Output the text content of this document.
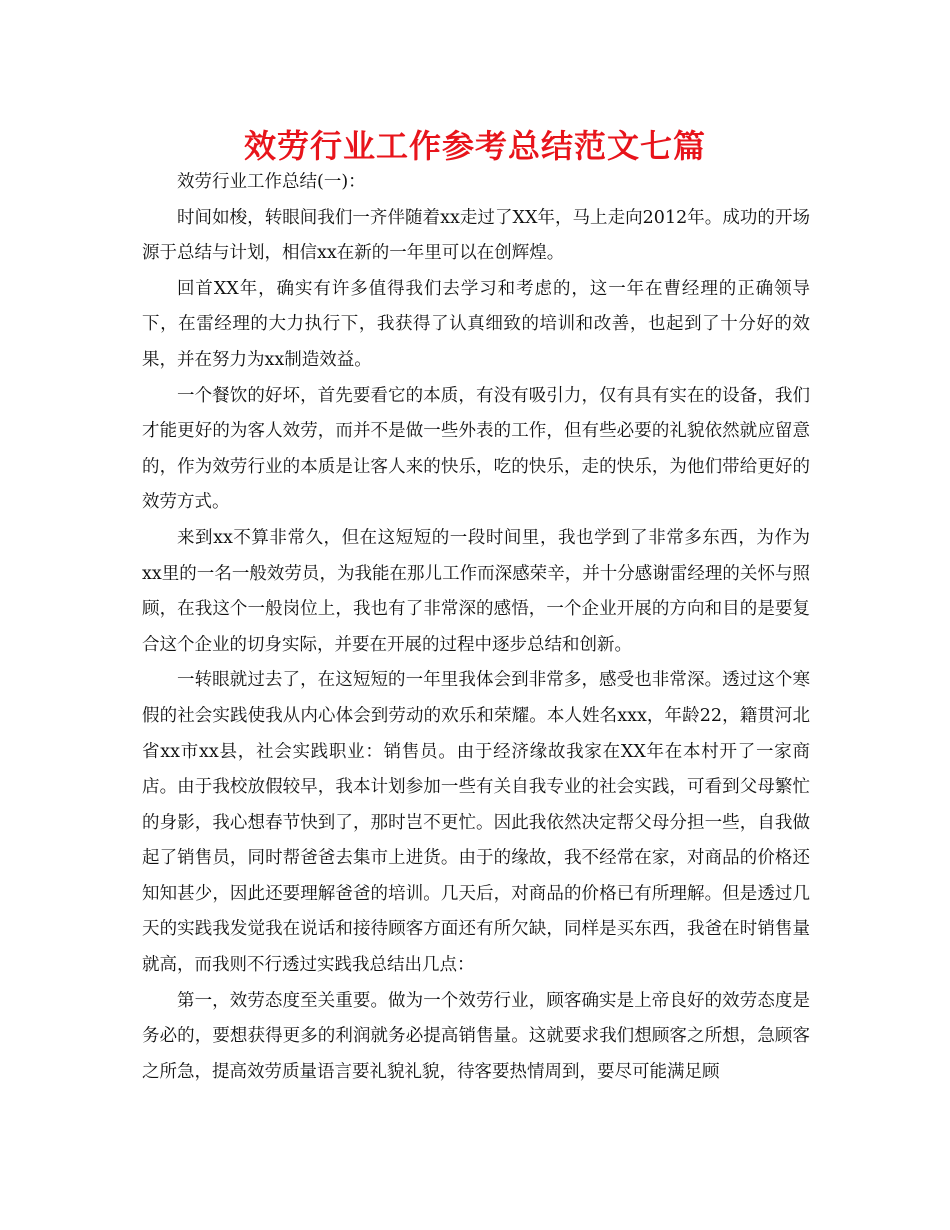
效劳行业工作参考总结范文七篇

效劳行业工作总结(一)：

时间如梭，转眼间我们一齐伴随着xx走过了XX年，马上走向2012年。成功的开场源于总结与计划，相信xx在新的一年里可以在创辉煌。

回首XX年，确实有许多值得我们去学习和考虑的，这一年在曹经理的正确领导下，在雷经理的大力执行下，我获得了认真细致的培训和改善，也起到了十分好的效果，并在努力为xx制造效益。

一个餐饮的好坏，首先要看它的本质，有没有吸引力，仅有具有实在的设备，我们才能更好的为客人效劳，而并不是做一些外表的工作，但有些必要的礼貌依然就应留意的，作为效劳行业的本质是让客人来的快乐，吃的快乐，走的快乐，为他们带给更好的效劳方式。

来到xx不算非常久，但在这短短的一段时间里，我也学到了非常多东西，为作为xx里的一名一般效劳员，为我能在那儿工作而深感荣辛，并十分感谢雷经理的关怀与照顾，在我这个一般岗位上，我也有了非常深的感悟，一个企业开展的方向和目的是要复合这个企业的切身实际，并要在开展的过程中逐步总结和创新。

一转眼就过去了，在这短短的一年里我体会到非常多，感受也非常深。透过这个寒假的社会实践使我从内心体会到劳动的欢乐和荣耀。本人姓名xxx，年龄22，籍贯河北省xx市xx县，社会实践职业：销售员。由于经济缘故我家在XX年在本村开了一家商店。由于我校放假较早，我本计划参加一些有关自我专业的社会实践，可看到父母繁忙的身影，我心想春节快到了，那时岂不更忙。因此我依然决定帮父母分担一些，自我做起了销售员，同时帮爸爸去集市上进货。由于的缘故，我不经常在家，对商品的价格还知知甚少，因此还要理解爸爸的培训。几天后，对商品的价格已有所理解。但是透过几天的实践我发觉我在说话和接待顾客方面还有所欠缺，同样是买东西，我爸在时销售量就高，而我则不行透过实践我总结出几点：

第一，效劳态度至关重要。做为一个效劳行业，顾客确实是上帝良好的效劳态度是务必的，要想获得更多的利润就务必提高销售量。这就要求我们想顾客之所想，急顾客之所急，提高效劳质量语言要礼貌礼貌，待客要热情周到，要尽可能满足顾
